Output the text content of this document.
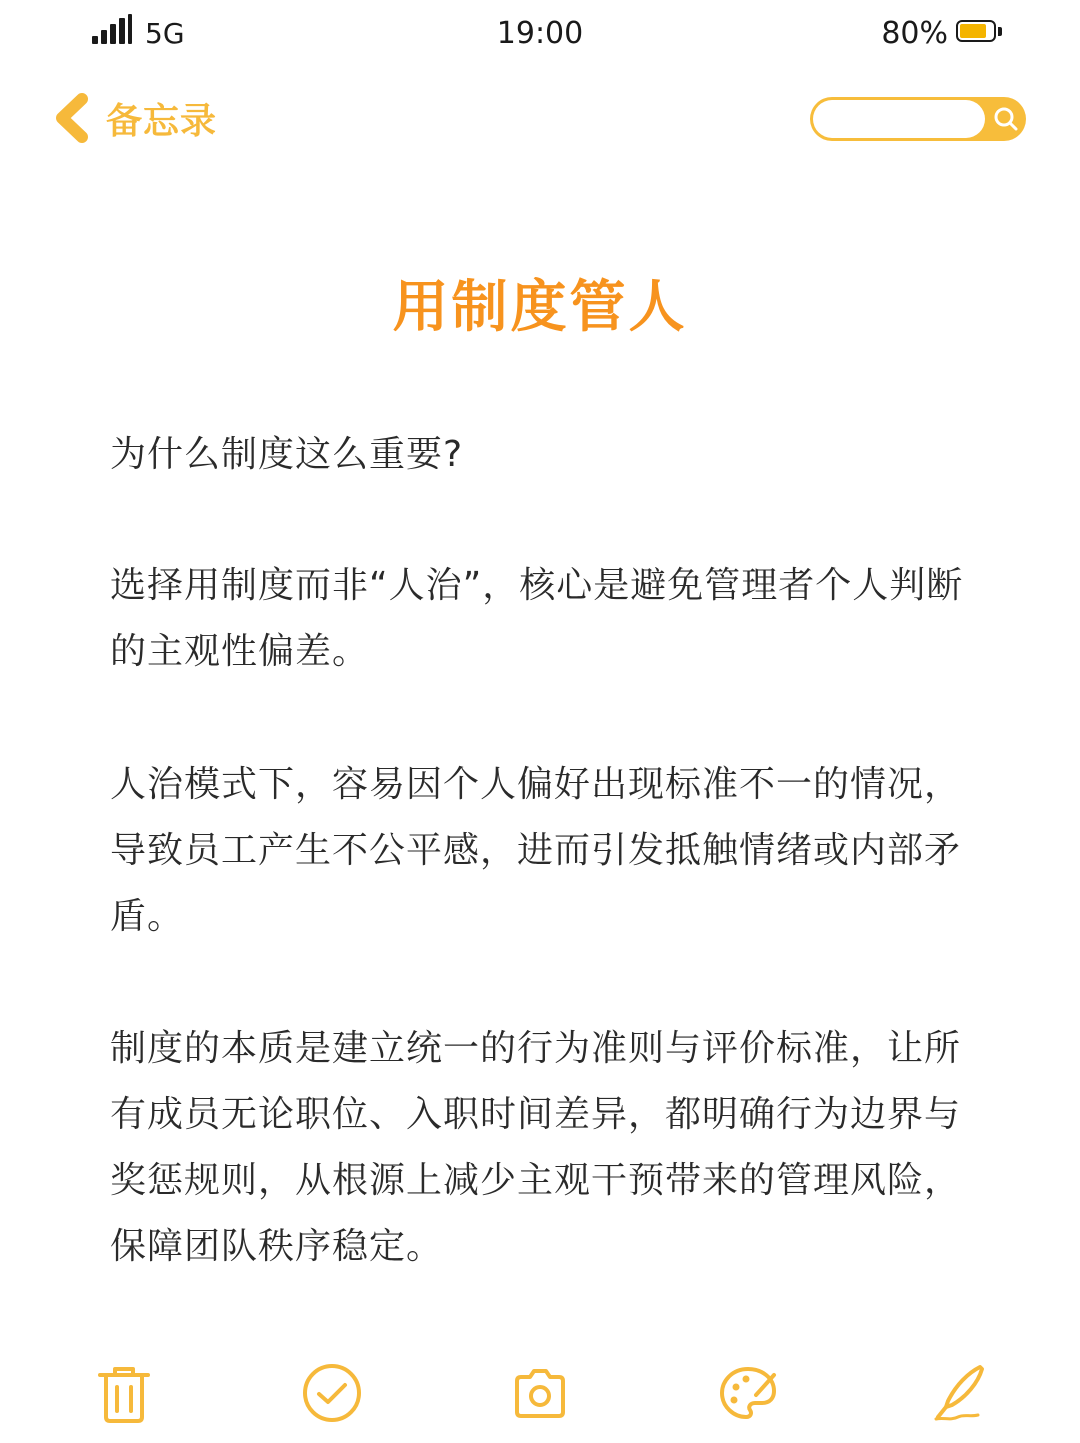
5G	19:00	80%
备忘录
用制度管人

为什么制度这么重要?

选择用制度而非“人治”，核心是避免管理者个人判断的主观性偏差。

人治模式下，容易因个人偏好出现标准不一的情况，导致员工产生不公平感，进而引发抵触情绪或内部矛盾。

制度的本质是建立统一的行为准则与评价标准，让所有成员无论职位、入职时间差异，都明确行为边界与奖惩规则，从根源上减少主观干预带来的管理风险，保障团队秩序稳定。
